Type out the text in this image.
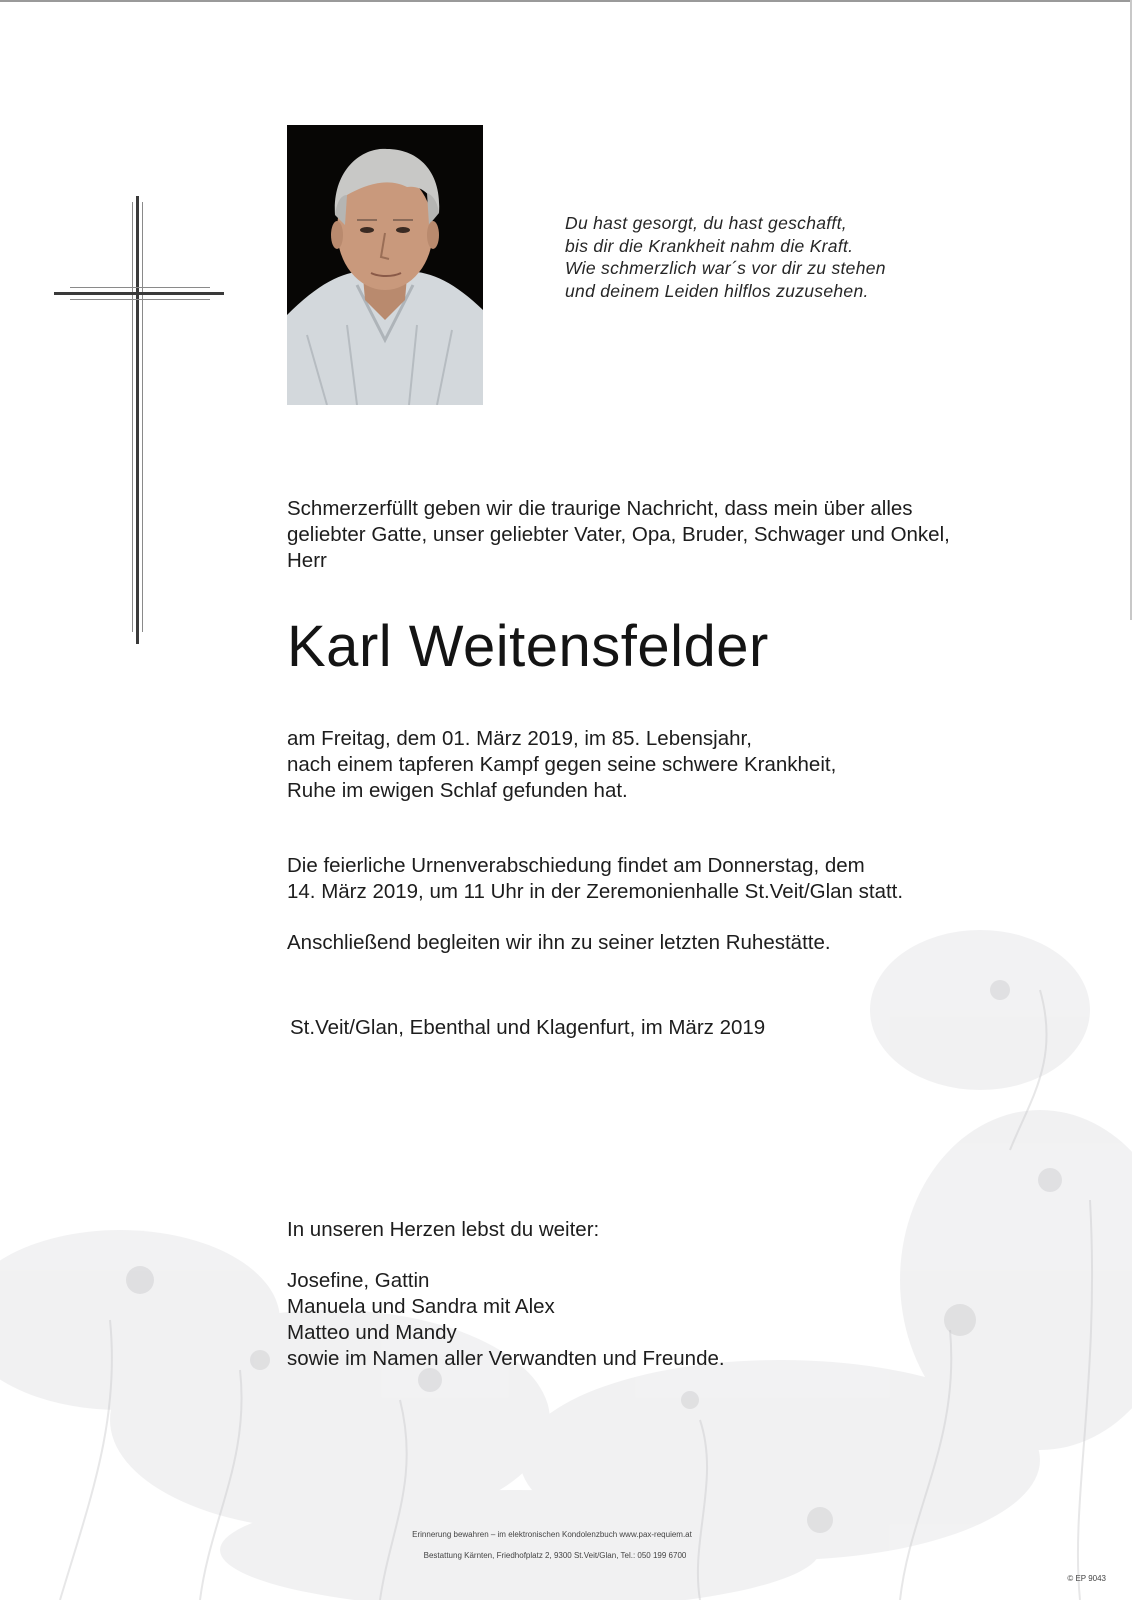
Du hast gesorgt, du hast geschafft,
bis dir die Krankheit nahm die Kraft.
Wie schmerzlich war´s vor dir zu stehen
und deinem Leiden hilflos zuzusehen.
Schmerzerfüllt geben wir die traurige Nachricht, dass mein über alles
geliebter Gatte, unser geliebter Vater, Opa, Bruder, Schwager und Onkel,
Herr
Karl Weitensfelder
am Freitag, dem 01. März 2019, im 85. Lebensjahr,
nach einem tapferen Kampf gegen seine schwere Krankheit,
Ruhe im ewigen Schlaf gefunden hat.
Die feierliche Urnenverabschiedung findet am Donnerstag, dem
14. März 2019, um 11 Uhr in der Zeremonienhalle St.Veit/Glan statt.
Anschließend begleiten wir ihn zu seiner letzten Ruhestätte.
St.Veit/Glan, Ebenthal und Klagenfurt, im März 2019
In unseren Herzen lebst du weiter:
Josefine, Gattin
Manuela und Sandra mit Alex
Matteo und Mandy
sowie im Namen aller Verwandten und Freunde.
Erinnerung bewahren – im elektronischen Kondolenzbuch www.pax-requiem.at
Bestattung Kärnten, Friedhofplatz 2, 9300 St.Veit/Glan, Tel.: 050 199 6700
© EP 9043
